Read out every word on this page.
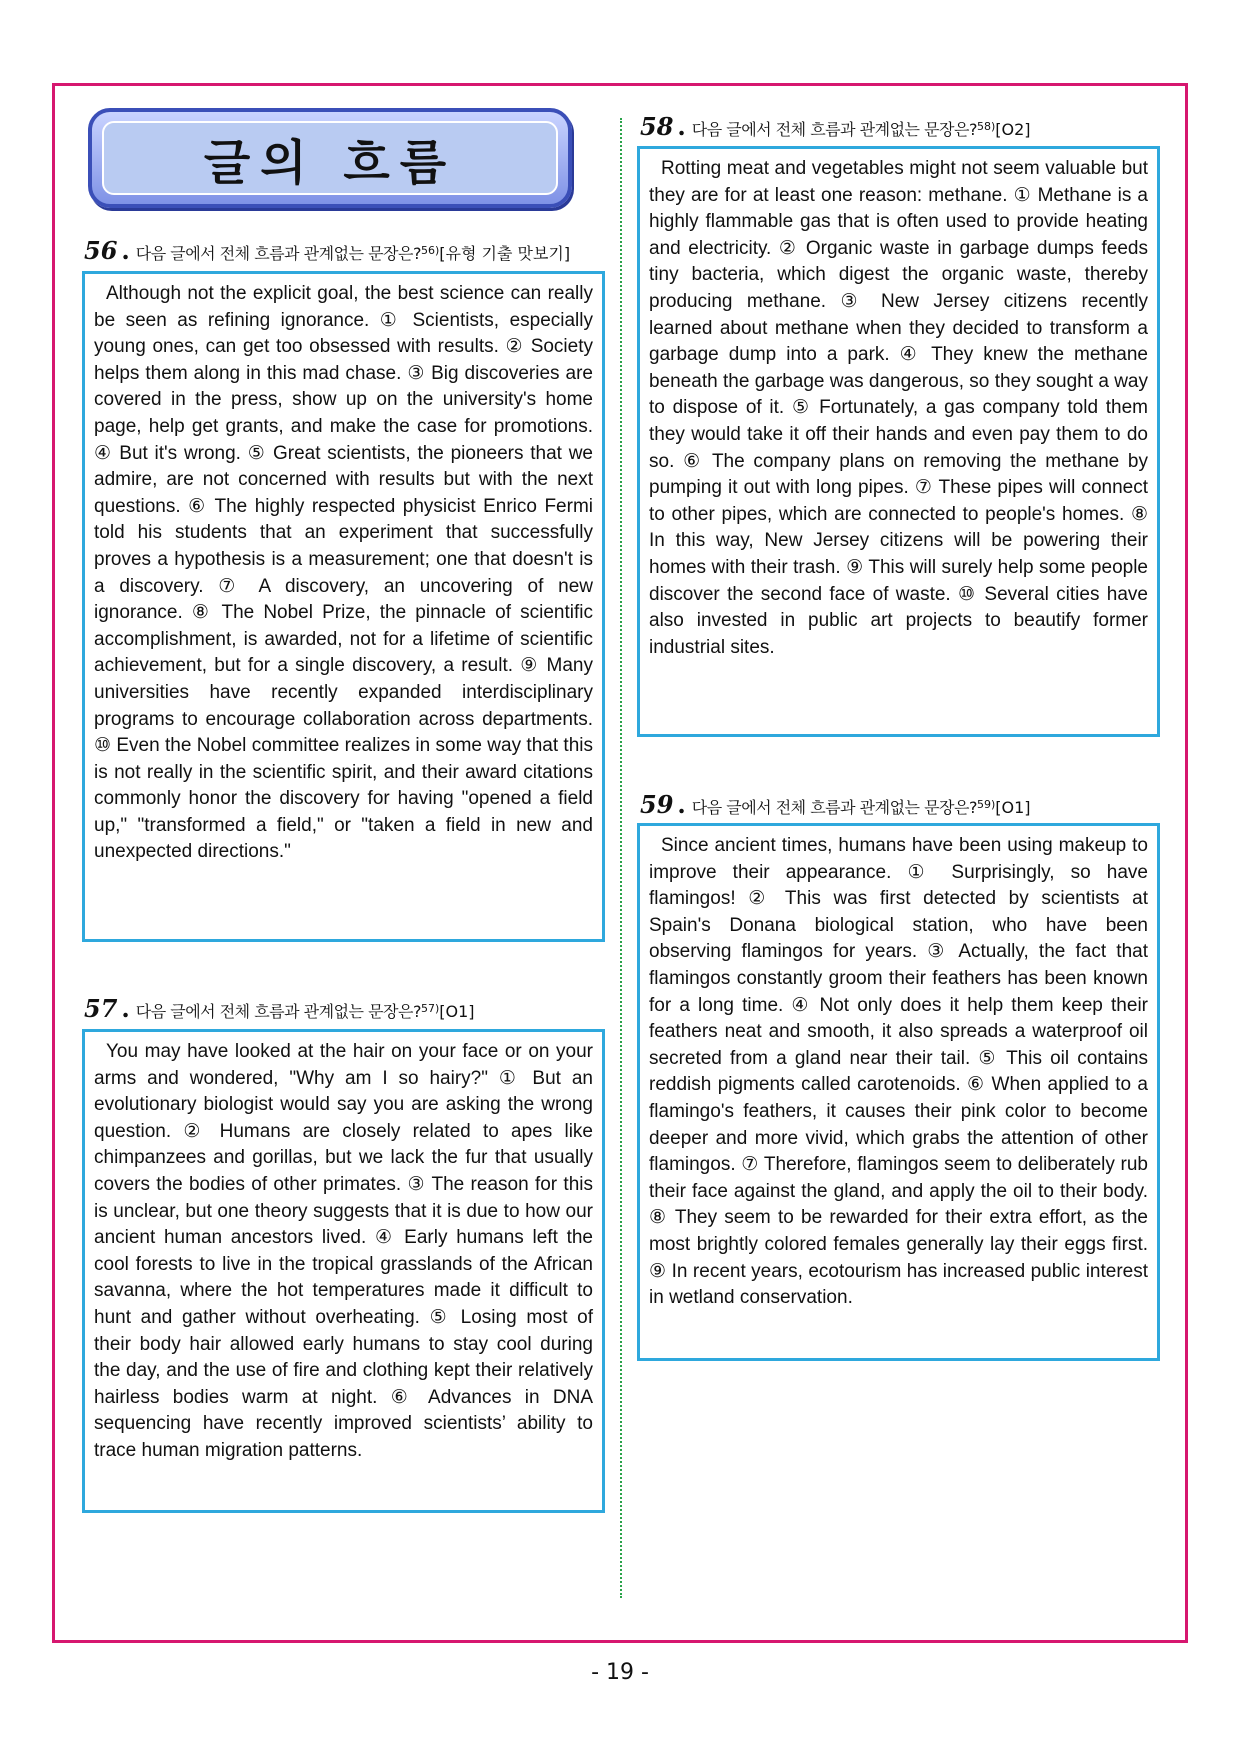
글의 흐름
56 . 다음 글에서 전체 흐름과 관계없는 문장은?$^{56)}$[유형 기출 맛보기]
Although not the explicit goal, the best science can really be seen as refining ignorance. ① Scientists, especially young ones, can get too obsessed with results. ② Society helps them along in this mad chase. ③ Big discoveries are covered in the press, show up on the university's home page, help get grants, and make the case for promotions. ④ But it's wrong. ⑤ Great scientists, the pioneers that we admire, are not concerned with results but with the next questions. ⑥ The highly respected physicist Enrico Fermi told his students that an experiment that successfully proves a hypothesis is a measurement; one that doesn't is a discovery. ⑦ A discovery, an uncovering of new ignorance. ⑧ The Nobel Prize, the pinnacle of scientific accomplishment, is awarded, not for a lifetime of scientific achievement, but for a single discovery, a result. ⑨ Many universities have recently expanded interdisciplinary programs to encourage collaboration across departments. ⑩ Even the Nobel committee realizes in some way that this is not really in the scientific spirit, and their award citations commonly honor the discovery for having "opened a field up," "transformed a field," or "taken a field in new and unexpected directions."
57 . 다음 글에서 전체 흐름과 관계없는 문장은?$^{57)}$[O1]
You may have looked at the hair on your face or on your arms and wondered, "Why am I so hairy?" ① But an evolutionary biologist would say you are asking the wrong question. ② Humans are closely related to apes like chimpanzees and gorillas, but we lack the fur that usually covers the bodies of other primates. ③ The reason for this is unclear, but one theory suggests that it is due to how our ancient human ancestors lived. ④ Early humans left the cool forests to live in the tropical grasslands of the African savanna, where the hot temperatures made it difficult to hunt and gather without overheating. ⑤ Losing most of their body hair allowed early humans to stay cool during the day, and the use of fire and clothing kept their relatively hairless bodies warm at night. ⑥ Advances in DNA sequencing have recently improved scientists’ ability to trace human migration patterns.
58 . 다음 글에서 전체 흐름과 관계없는 문장은?$^{58)}$[O2]
Rotting meat and vegetables might not seem valuable but they are for at least one reason: methane. ① Methane is a highly flammable gas that is often used to provide heating and electricity. ② Organic waste in garbage dumps feeds tiny bacteria, which digest the organic waste, thereby producing methane. ③ New Jersey citizens recently learned about methane when they decided to transform a garbage dump into a park. ④ They knew the methane beneath the garbage was dangerous, so they sought a way to dispose of it. ⑤ Fortunately, a gas company told them they would take it off their hands and even pay them to do so. ⑥ The company plans on removing the methane by pumping it out with long pipes. ⑦ These pipes will connect to other pipes, which are connected to people's homes. ⑧ In this way, New Jersey citizens will be powering their homes with their trash. ⑨ This will surely help some people discover the second face of waste. ⑩ Several cities have also invested in public art projects to beautify former industrial sites.
59 . 다음 글에서 전체 흐름과 관계없는 문장은?$^{59)}$[O1]
Since ancient times, humans have been using makeup to improve their appearance. ① Surprisingly, so have flamingos! ② This was first detected by scientists at Spain's Donana biological station, who have been observing flamingos for years. ③ Actually, the fact that flamingos constantly groom their feathers has been known for a long time. ④ Not only does it help them keep their feathers neat and smooth, it also spreads a waterproof oil secreted from a gland near their tail. ⑤ This oil contains reddish pigments called carotenoids. ⑥ When applied to a flamingo's feathers, it causes their pink color to become deeper and more vivid, which grabs the attention of other flamingos. ⑦ Therefore, flamingos seem to deliberately rub their face against the gland, and apply the oil to their body. ⑧ They seem to be rewarded for their extra effort, as the most brightly colored females generally lay their eggs first. ⑨ In recent years, ecotourism has increased public interest in wetland conservation.
- 19 -
